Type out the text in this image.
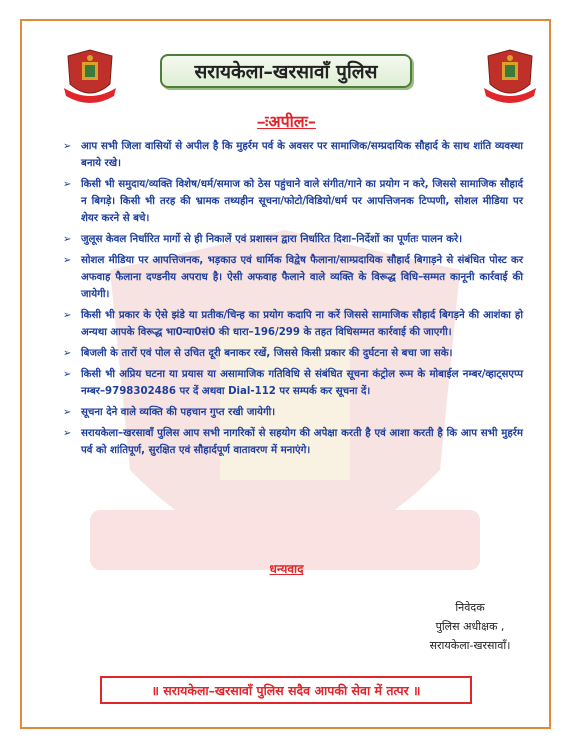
सरायकेला–खरसावाँ पुलिस
–ःअपीलः–
➢ आप सभी जिला वासियों से अपील है कि मुहर्रम पर्व के अवसर पर सामाजिक/सम्प्रदायिक सौहार्द के साथ शांति व्यवस्था बनाये रखे।
➢ किसी भी समुदाय/व्यक्ति विशेष/धर्म/समाज को ठेस पहुंचाने वाले संगीत/गाने का प्रयोग न करे, जिससे सामाजिक सौहार्द न बिगड़े। किसी भी तरह की भ्रामक तथ्यहीन सूचना/फोटो/विडियो/धर्म पर आपत्तिजनक टिप्पणी, सोशल मीडिया पर शेयर करने से बचे।
➢ जुलूस केवल निर्धारित मार्गो से ही निकालें एवं प्रशासन द्वारा निर्धारित दिशा–निर्देशों का पूर्णतः पालन करे।
➢ सोशल मीडिया पर आपत्तिजनक, भड़काउ एवं धार्मिक विद्वेष फैलाना/साम्प्रदायिक सौहार्द बिगाड़ने से संबंधित पोस्ट कर अफवाह फैलाना दण्डनीय अपराध है। ऐसी अफवाह फैलाने वाले व्यक्ति के विरूद्ध विधि–सम्मत कानूनी कार्रवाई की जायेगी।
➢ किसी भी प्रकार के ऐसे झंडे या प्रतीक/चिन्ह का प्रयोग कदापि ना करें जिससे सामाजिक सौहार्द बिगड़ने की आशंका हो अन्यथा आपके विरूद्ध भा0न्या0सं0 की धारा–196/299 के तहत विधिसम्मत कार्रवाई की जाएगी।
➢ बिजली के तारों एवं पोल से उचित दूरी बनाकर रखें, जिससे किसी प्रकार की दुर्घटना से बचा जा सके।
➢ किसी भी अप्रिय घटना या प्रयास या असामाजिक गतिविधि से संबंधित सूचना कंट्रोल रूम के मोबाईल नम्बर/व्हाट्सएप्प नम्बर–9798302486 पर दें अथवा Dial-112 पर सम्पर्क कर सूचना दें।
➢ सूचना देने वाले व्यक्ति की पहचान गुप्त रखी जायेगी।
➢ सरायकेला–खरसावाँ पुलिस आप सभी नागरिकों से सहयोग की अपेक्षा करती है एवं आशा करती है कि आप सभी मुहर्रम पर्व को शांतिपूर्ण, सुरक्षित एवं सौहार्दपूर्ण वातावरण में मनाएंगे।
धन्यवाद
निवेदक
पुलिस अधीक्षक ,
सरायकेला-खरसावाँ।
॥ सरायकेला–खरसावाँ पुलिस सदैव आपकी सेवा में तत्पर ॥
